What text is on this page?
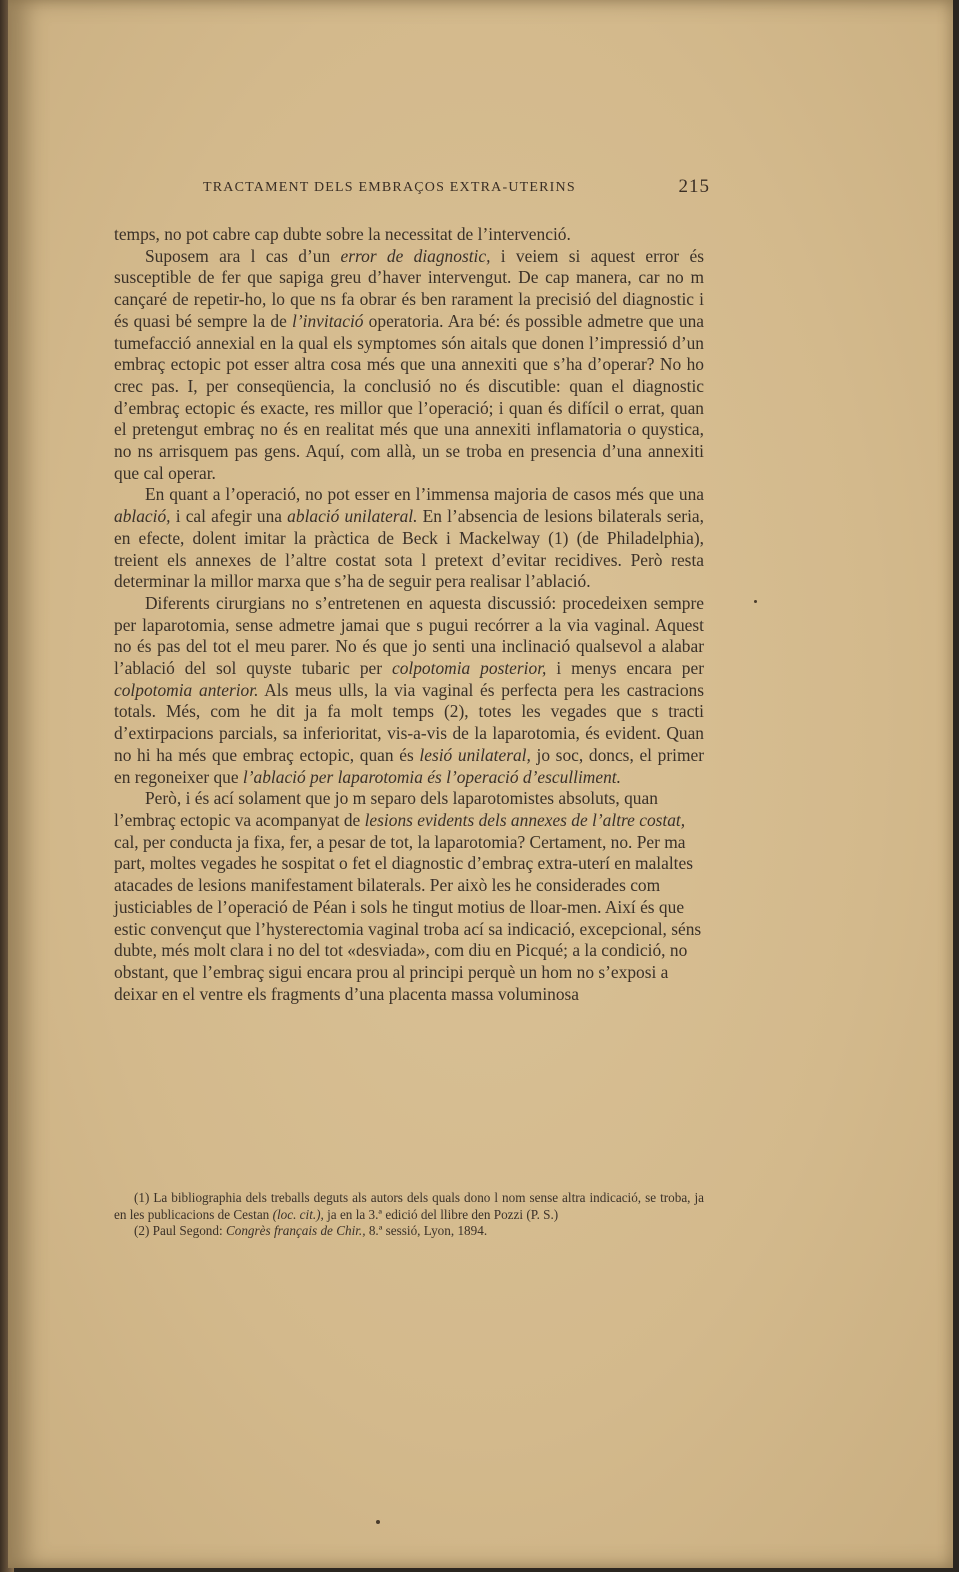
TRACTAMENT DELS EMBRAÇOS EXTRA-UTERINS	215

temps, no pot cabre cap dubte sobre la necessitat de l’intervenció.

Suposem ara l cas d’un error de diagnostic, i veiem si aquest error és susceptible de fer que sapiga greu d’haver intervengut. De cap manera, car no m cançaré de repetir-ho, lo que ns fa obrar és ben rarament la precisió del diagnostic i és quasi bé sempre la de l’invitació operatoria. Ara bé: és possible admetre que una tumefacció annexial en la qual els symptomes són aitals que donen l’impressió d’un embraç ectopic pot esser altra cosa més que una annexiti que s’ha d’operar? No ho crec pas. I, per conseqüencia, la conclusió no és discutible: quan el diagnostic d’embraç ectopic és exacte, res millor que l’operació; i quan és difícil o errat, quan el pretengut embraç no és en realitat més que una annexiti inflamatoria o quystica, no ns arrisquem pas gens. Aquí, com allà, un se troba en presencia d’una annexiti que cal operar.

En quant a l’operació, no pot esser en l’immensa majoria de casos més que una ablació, i cal afegir una ablació unilateral. En l’absencia de lesions bilaterals seria, en efecte, dolent imitar la pràctica de Beck i Mackelway (1) (de Philadelphia), treient els annexes de l’altre costat sota l pretext d’evitar recidives. Però resta determinar la millor marxa que s’ha de seguir pera realisar l’ablació.

Diferents cirurgians no s’entretenen en aquesta discussió: procedeixen sempre per laparotomia, sense admetre jamai que s pugui recórrer a la via vaginal. Aquest no és pas del tot el meu parer. No és que jo senti una inclinació qualsevol a alabar l’ablació del sol quyste tubaric per colpotomia posterior, i menys encara per colpotomia anterior. Als meus ulls, la via vaginal és perfecta pera les castracions totals. Més, com he dit ja fa molt temps (2), totes les vegades que s tracti d’extirpacions parcials, sa inferioritat, vis-a-vis de la laparotomia, és evident. Quan no hi ha més que embraç ectopic, quan és lesió unilateral, jo soc, doncs, el primer en regoneixer que l’ablació per laparotomia és l’operació d’esculliment.

Però, i és ací solament que jo m separo dels laparotomistes absoluts, quan l’embraç ectopic va acompanyat de lesions evidents dels annexes de l’altre costat, cal, per conducta ja fixa, fer, a pesar de tot, la laparotomia? Certament, no. Per ma part, moltes vegades he sospitat o fet el diagnostic d’embraç extra-uterí en malaltes atacades de lesions manifestament bilaterals. Per això les he considerades com justiciables de l’operació de Péan i sols he tingut motius de lloar-men. Així és que estic convençut que l’hysterectomia vaginal troba ací sa indicació, excepcional, séns dubte, més molt clara i no del tot «desviada», com diu en Picqué; a la condició, no obstant, que l’embraç sigui encara prou al principi perquè un hom no s’exposi a deixar en el ventre els fragments d’una placenta massa voluminosa

(1) La bibliographia dels treballs deguts als autors dels quals dono l nom sense altra indicació, se troba, ja en les publicacions de Cestan (loc. cit.), ja en la 3.ª edició del llibre den Pozzi (P. S.)

(2) Paul Segond: Congrès français de Chir., 8.ª sessió, Lyon, 1894.
